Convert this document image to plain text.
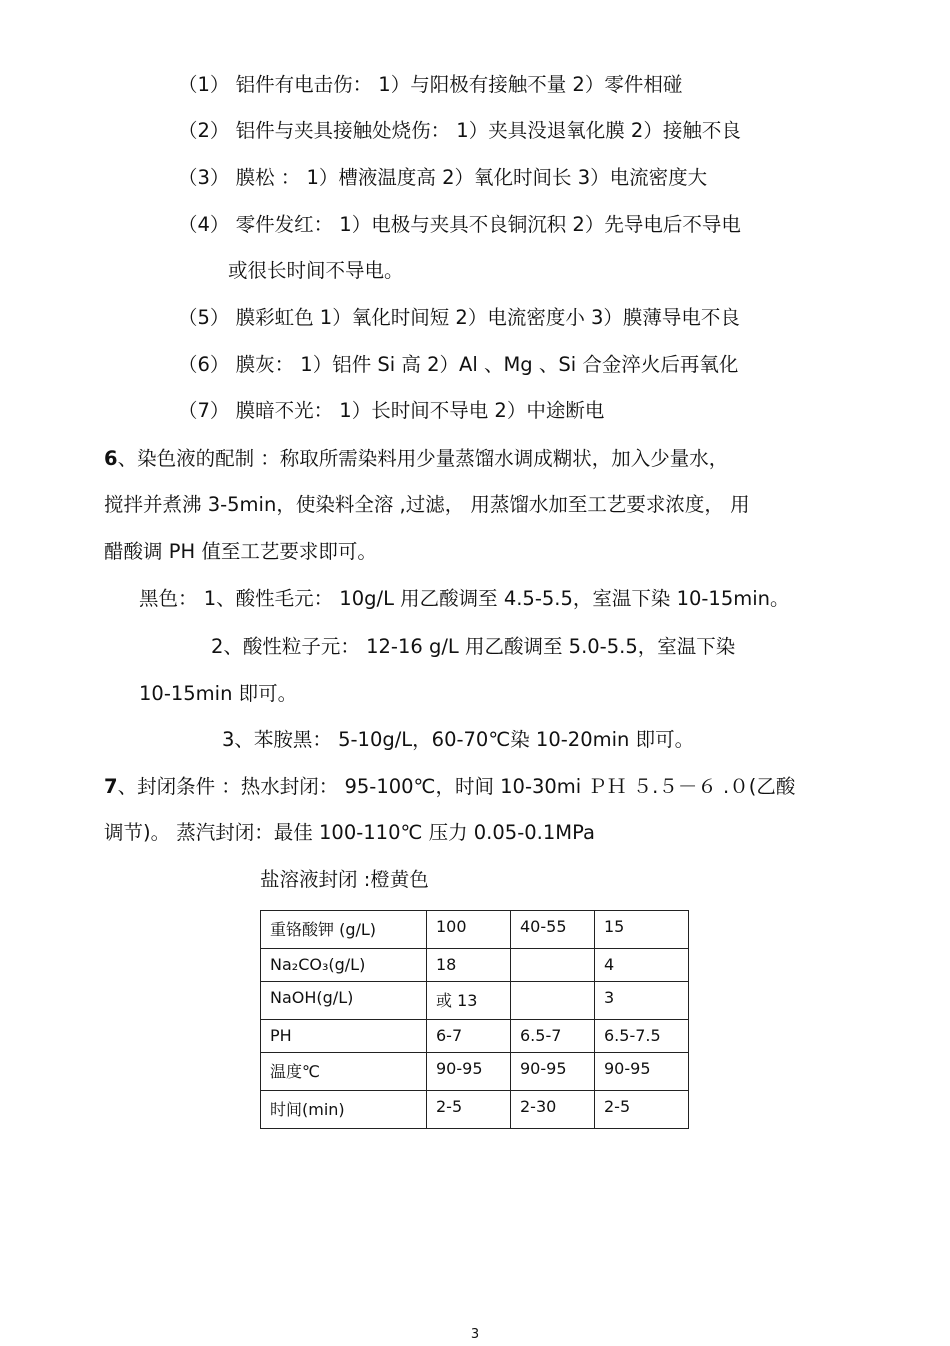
（1） 铝件有电击伤： 1）与阳极有接触不量 2）零件相碰
（2） 铝件与夹具接触处烧伤： 1）夹具没退氧化膜 2）接触不良
（3） 膜松 ： 1）槽液温度高 2）氧化时间长 3）电流密度大
（4） 零件发红： 1）电极与夹具不良铜沉积 2）先导电后不导电
或很长时间不导电。
（5） 膜彩虹色 1）氧化时间短 2）电流密度小 3）膜薄导电不良
（6） 膜灰： 1）铝件 Si 高 2）Al 、Mg 、Si 合金淬火后再氧化
（7） 膜暗不光： 1）长时间不导电 2）中途断电
6、染色液的配制 ：称取所需染料用少量蒸馏水调成糊状，加入少量水，
搅拌并煮沸 3-5min，使染料全溶 ,过滤， 用蒸馏水加至工艺要求浓度， 用
醋酸调 PH 值至工艺要求即可。
黑色： 1、酸性毛元： 10g/L 用乙酸调至 4.5-5.5，室温下染 10-15min。
2、酸性粒子元： 12-16 g/L 用乙酸调至 5.0-5.5，室温下染
10-15min 即可。
3、苯胺黑： 5-10g/L，60-70℃染 10-20min 即可。
7、封闭条件 ：热水封闭： 95-100℃，时间 10-30mi ＰＨ ５.５－６ .０(乙酸
调节)。 蒸汽封闭：最佳 100-110℃ 压力 0.05-0.1MPa
盐溶液封闭 :橙黄色
重铬酸钾 (g/L)	100	40-55	15
Na₂CO₃(g/L)	18		4
NaOH(g/L)	或 13		3
PH	6-7	6.5-7	6.5-7.5
温度℃	90-95	90-95	90-95
时间(min)	2-5	2-30	2-5
3
